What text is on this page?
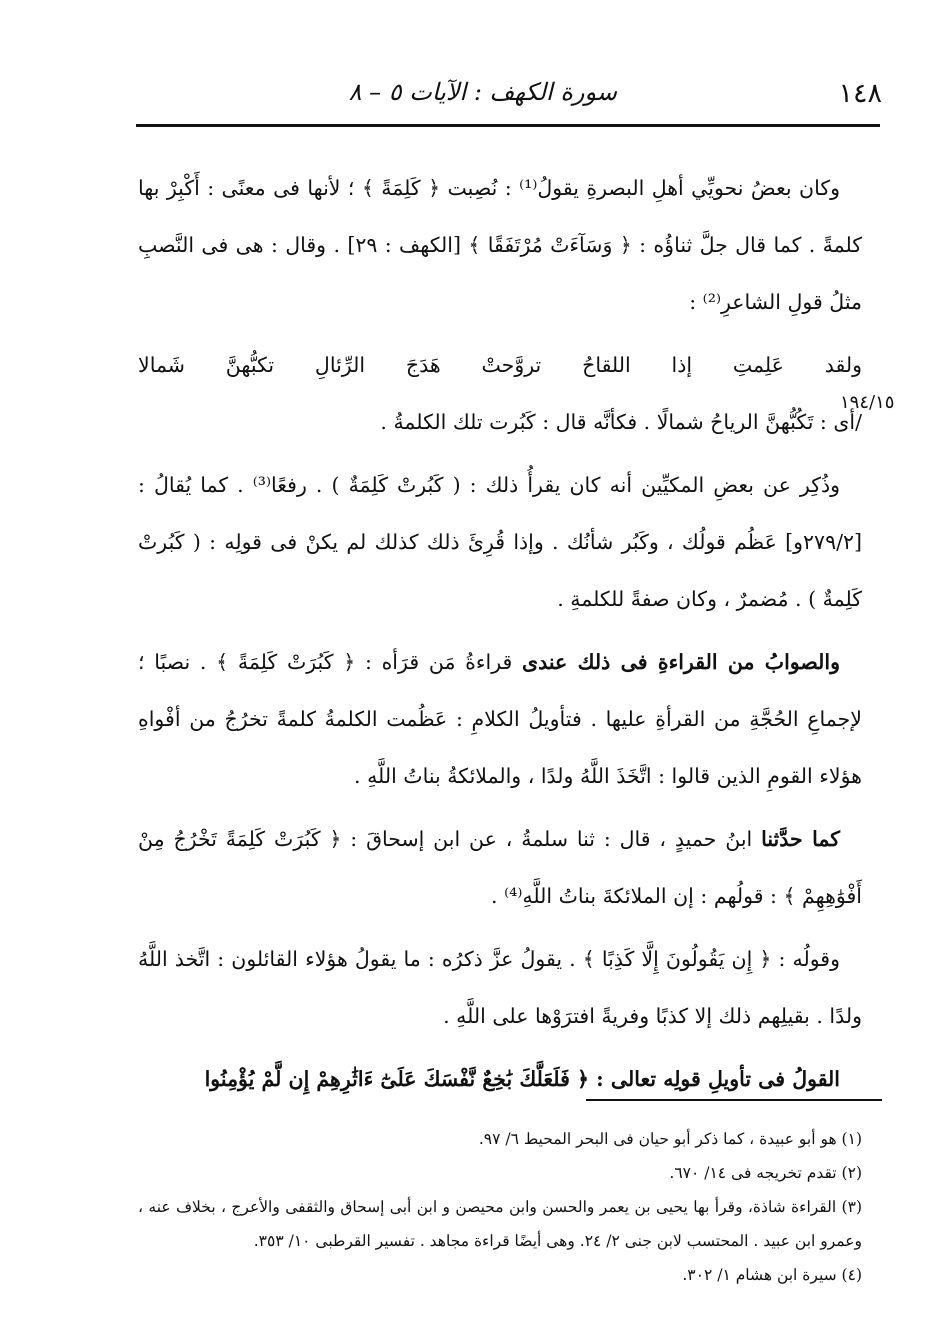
١٤٨
سورة الكهف : الآيات ٥ – ٨
١٩٤/١٥

وكان بعضُ نحويِّي أهلِ البصرةِ يقولُ⁽¹⁾ : نُصِبت ﴿ كَلِمَةً ﴾ ؛ لأنها فى معنًى : أَكْبِرْ بها كلمةً . كما قال جلَّ ثناؤُه : ﴿ وَسَآءَتْ مُرْتَفَقًا ﴾ [الكهف : ٢٩] . وقال : هى فى النَّصبِ مثلُ قولِ الشاعرِ⁽²⁾ :

ولقد عَلِمتِ إذا اللقاحُ تروَّحتْ هَدَجَ الرِّئالِ تكبُّهنَّ شَمالا

/أى : تَكُبُّهنَّ الرياحُ شمالًا . فكأنَّه قال : كَبُرت تلك الكلمةُ .

وذُكِر عن بعضِ المكيِّين أنه كان يقرأُ ذلك : ( كَبُرتْ كَلِمَةٌ ) . رفعًا⁽³⁾ . كما يُقالُ : [٢٧٩/٢و] عَظُم قولُك ، وكَبُر شأنُك . وإذا قُرِئَ ذلك كذلك لم يكنْ فى قولِه : ( كَبُرتْ كَلِمةٌ ) . مُضمرٌ ، وكان صفةً للكلمةِ .

والصوابُ من القراءةِ فى ذلك عندى قراءةُ مَن قرَأه : ﴿ كَبُرَتْ كَلِمَةً ﴾ . نصبًا ؛ لإجماعِ الحُجَّةِ من القرأةِ عليها . فتأويلُ الكلامِ : عَظُمت الكلمةُ كلمةً تخرُجُ من أفْواهِ هؤلاء القومِ الذين قالوا : اتَّخَذَ اللَّهُ ولدًا ، والملائكةُ بناتُ اللَّهِ .

كما حدَّثنا ابنُ حميدٍ ، قال : ثنا سلمةُ ، عن ابن إسحاقَ : ﴿ كَبُرَتْ كَلِمَةً تَخْرُجُ مِنْ أَفْوَٰهِهِمْ ﴾ : قولُهم : إن الملائكةَ بناتُ اللَّهِ⁽⁴⁾ .

وقولُه : ﴿ إِن يَقُولُونَ إِلَّا كَذِبًا ﴾ . يقولُ عزَّ ذكرُه : ما يقولُ هؤلاء القائلون : اتَّخذ اللَّهُ ولدًا . بقيلِهم ذلك إلا كذبًا وفريةً افترَوْها على اللَّهِ .

القولُ فى تأويلِ قولِه تعالى : ﴿ فَلَعَلَّكَ بَٰخِعٌ نَّفْسَكَ عَلَىٰٓ ءَاثَٰرِهِمْ إِن لَّمْ يُؤْمِنُوا

(١) هو أبو عبيدة ، كما ذكر أبو حيان فى البحر المحيط ٦/ ٩٧.

(٢) تقدم تخريجه فى ١٤/ ٦٧٠.

(٣) القراءة شاذة، وقرأ بها يحيى بن يعمر والحسن وابن محيصن و ابن أبى إسحاق والثقفى والأعرج ، بخلاف عنه ، وعمرو ابن عبيد . المحتسب لابن جنى ٢/ ٢٤. وهى أيضًا قراءة مجاهد . تفسير القرطبى ١٠/ ٣٥٣.

(٤) سيرة ابن هشام ١/ ٣٠٢.
